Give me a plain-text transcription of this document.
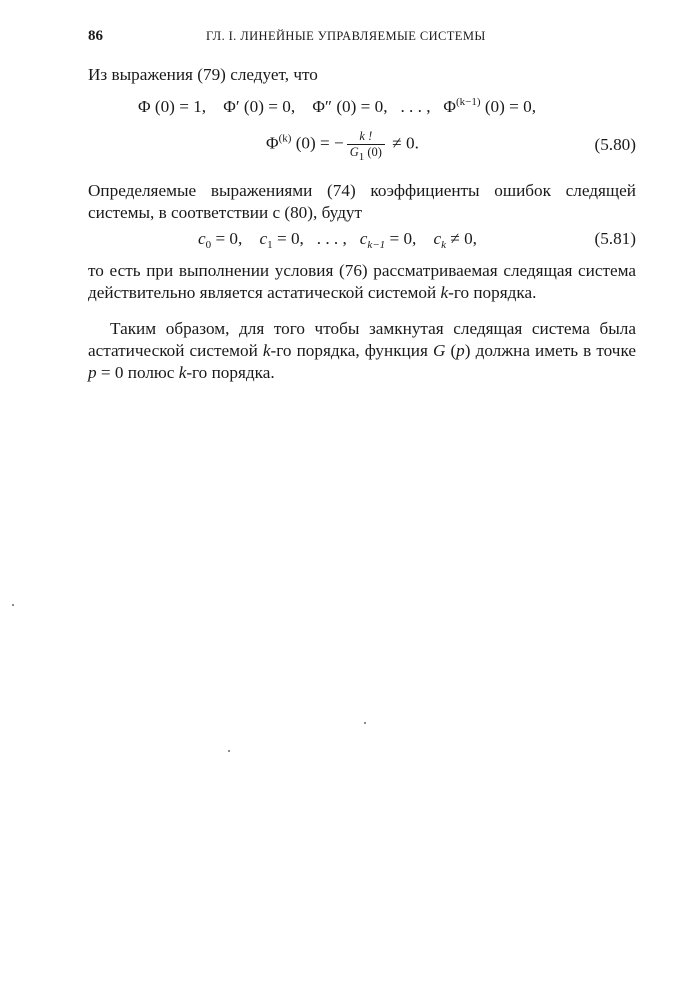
86	ГЛ. I. ЛИНЕЙНЫЕ УПРАВЛЯЕМЫЕ СИСТЕМЫ
Из выражения (79) следует, что
Φ (0) = 1, Φ′ (0) = 0, Φ″ (0) = 0, . . . , $\Phi^{(k-1)}$ (0) = 0,
$\Phi^{(k)}$ (0) = − $\frac{k !}{G_1 (0)} \ne 0$.	(5.80)
Определяемые выражениями (74) коэффициенты ошибок следящей системы, в соответствии с (80), будут
$c_0 = 0$, $c_1 = 0$, . . . , $c_{k-1} = 0$, $c_k \ne 0$,	(5.81)
то есть при выполнении условия (76) рассматриваемая следящая система действительно является астатической системой k-го порядка.
Таким образом, для того чтобы замкнутая следящая система была астатической системой k-го порядка, функция G (p) должна иметь в точке p = 0 полюс k-го порядка.
